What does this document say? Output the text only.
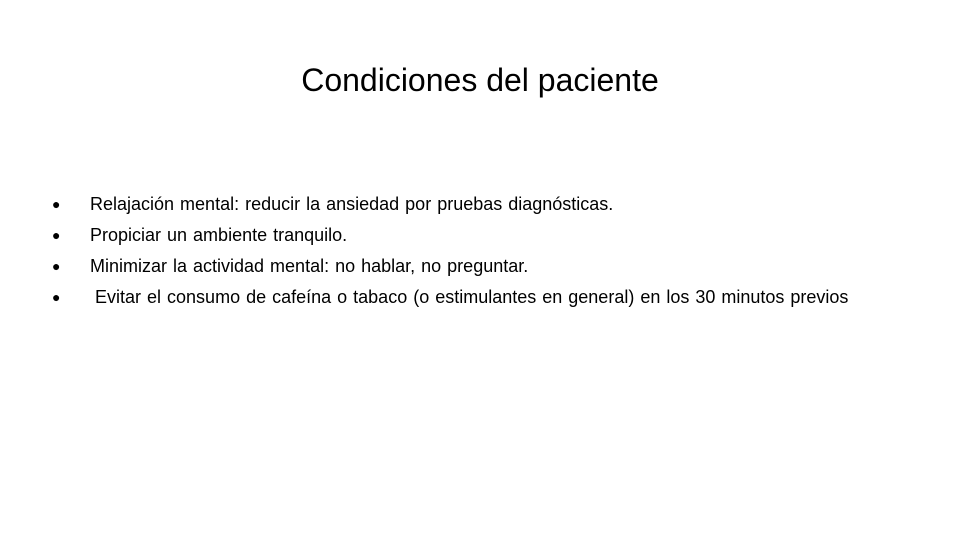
Condiciones del paciente
● Relajación mental: reducir la ansiedad por pruebas diagnósticas.
● Propiciar un ambiente tranquilo.
● Minimizar la actividad mental: no hablar, no preguntar.
● Evitar el consumo de cafeína o tabaco (o estimulantes en general) en los 30 minutos previos
